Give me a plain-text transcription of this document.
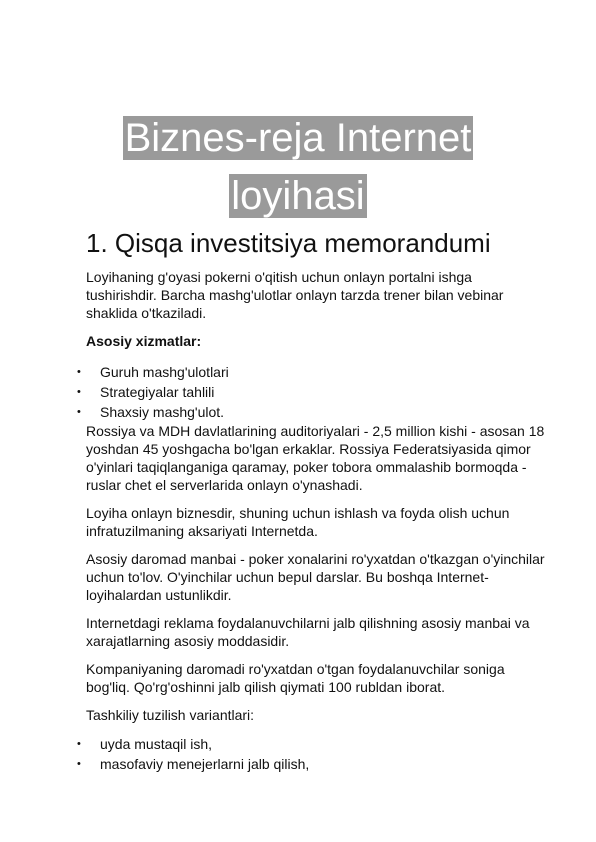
Biznes-reja Internet
loyihasi
1. Qisqa investitsiya memorandumi

Loyihaning g'oyasi pokerni o'qitish uchun onlayn portalni ishga tushirishdir. Barcha mashg'ulotlar onlayn tarzda trener bilan vebinar shaklida o'tkaziladi.

Asosiy xizmatlar:

• Guruh mashg'ulotlari
• Strategiyalar tahlili
• Shaxsiy mashg'ulot.

Rossiya va MDH davlatlarining auditoriyalari - 2,5 million kishi - asosan 18 yoshdan 45 yoshgacha bo'lgan erkaklar. Rossiya Federatsiyasida qimor o'yinlari taqiqlanganiga qaramay, poker tobora ommalashib bormoqda - ruslar chet el serverlarida onlayn o'ynashadi.

Loyiha onlayn biznesdir, shuning uchun ishlash va foyda olish uchun infratuzilmaning aksariyati Internetda.

Asosiy daromad manbai - poker xonalarini ro'yxatdan o'tkazgan o'yinchilar uchun to'lov. O'yinchilar uchun bepul darslar. Bu boshqa Internet-loyihalardan ustunlikdir.

Internetdagi reklama foydalanuvchilarni jalb qilishning asosiy manbai va xarajatlarning asosiy moddasidir.

Kompaniyaning daromadi ro'yxatdan o'tgan foydalanuvchilar soniga bog'liq. Qo'rg'oshinni jalb qilish qiymati 100 rubldan iborat.

Tashkiliy tuzilish variantlari:

• uyda mustaqil ish,
• masofaviy menejerlarni jalb qilish,
